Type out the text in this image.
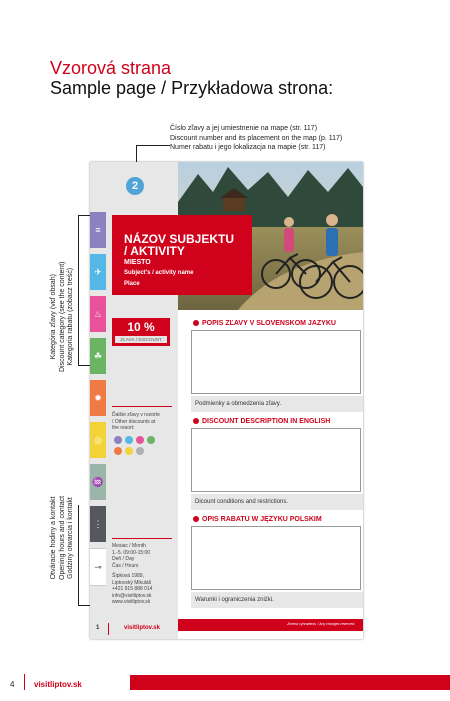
Vzorová strana
Sample page / Przykładowa strona:
Číslo zľavy a jej umiestnenie na mape (str. 117)
Discount number and its placement on the map (p. 117)
Numer rabatu i jego lokalizacja na mapie (str. 117)
Kategória zľavy (viď obsah) Discount category (see the content) Kategoria rabatu (zobacz treść)
Otváracie hodiny a kontakt Opening hours and contact Godziny otwarcia i kontakt
2
≡
✈
♨
☘
✹
◎
♒
⋮
⊸
10 %
ZĽAVA / DISCOUNT
Ďalšie zľavy v rezorte
/ Other discounts at
the resort:
Mesiac / Month
1.-5. 09:00-15:00
Deň / Day
Čas / Hours
Šípková 1989,
Liptovský Mikuláš
+421 915 888 014
info@visitliptov.sk
www.visitliptov.sk
NÁZOV SUBJEKTU
/ AKTIVITY
MIESTO
Subject's / activity name
Place
POPIS ZĽAVY V SLOVENSKOM JAZYKU
Podmienky a obmedzenia zľavy.
DISCOUNT DESCRIPTION IN ENGLISH
Dicount conditions and restrictions.
OPIS RABATU W JĘZYKU POLSKIM
Warunki i ograniczenia zniżki.
1	visitliptov.sk
Zmena vyhradená. / Any changes reserved.
4 visitliptov.sk
